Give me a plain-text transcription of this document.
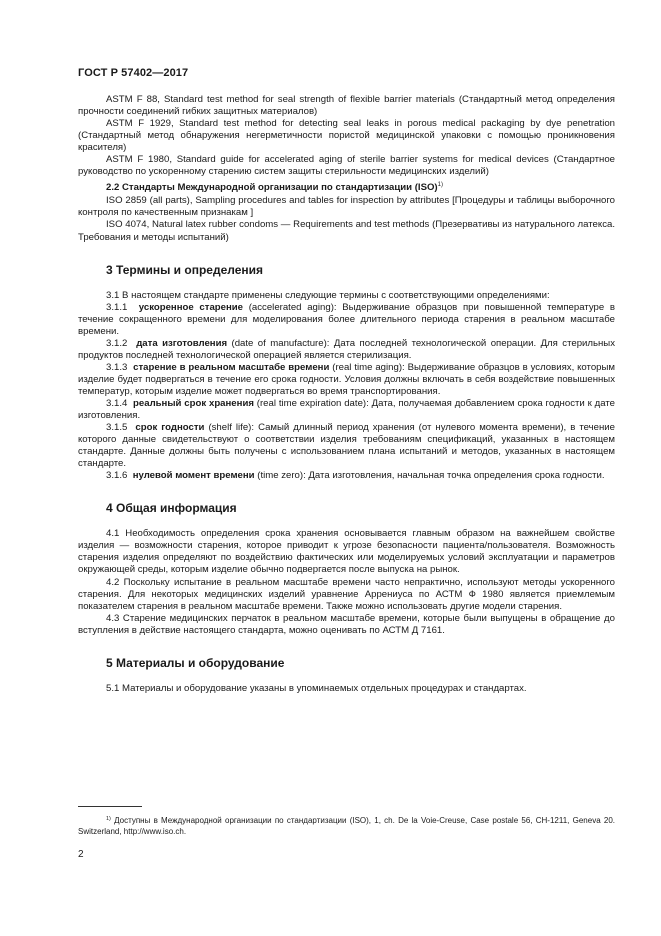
ГОСТ Р 57402—2017

ASTM F 88, Standard test method for seal strength of flexible barrier materials (Стандартный метод определения прочности соединений гибких защитных материалов)

ASTM F 1929, Standard test method for detecting seal leaks in porous medical packaging by dye penetration (Стандартный метод обнаружения негерметичности пористой медицинской упаковки с помощью проникновения красителя)

ASTM F 1980, Standard guide for accelerated aging of sterile barrier systems for medical devices (Стандартное руководство по ускоренному старению систем защиты стерильности медицинских изделий)

2.2 Стандарты Международной организации по стандартизации (ISO)$^{1)}$

ISO 2859 (all parts), Sampling procedures and tables for inspection by attributes [Процедуры и таблицы выборочного контроля по качественным признакам ]

ISO 4074, Natural latex rubber condoms — Requirements and test methods (Презервативы из натурального латекса. Требования и методы испытаний)

3 Термины и определения

3.1 В настоящем стандарте применены следующие термины с соответствующими определениями:

3.1.1 ускоренное старение (accelerated aging): Выдерживание образцов при повышенной температуре в течение сокращенного времени для моделирования более длительного периода старения в реальном масштабе времени.

3.1.2 дата изготовления (date of manufacture): Дата последней технологической операции. Для стерильных продуктов последней технологической операцией является стерилизация.

3.1.3 старение в реальном масштабе времени (real time aging): Выдерживание образцов в условиях, которым изделие будет подвергаться в течение его срока годности. Условия должны включать в себя воздействие повышенных температур, которым изделие может подвергаться во время транспортирования.

3.1.4 реальный срок хранения (real time expiration date): Дата, получаемая добавлением срока годности к дате изготовления.

3.1.5 срок годности (shelf life): Самый длинный период хранения (от нулевого момента времени), в течение которого данные свидетельствуют о соответствии изделия требованиям спецификаций, указанных в настоящем стандарте. Данные должны быть получены с использованием плана испытаний и методов, указанных в настоящем стандарте.

3.1.6 нулевой момент времени (time zero): Дата изготовления, начальная точка определения срока годности.

4 Общая информация

4.1 Необходимость определения срока хранения основывается главным образом на важнейшем свойстве изделия — возможности старения, которое приводит к угрозе безопасности пациента/пользователя. Возможность старения изделия определяют по воздействию фактических или моделируемых условий эксплуатации и параметров окружающей среды, которым изделие обычно подвергается после выпуска на рынок.

4.2 Поскольку испытание в реальном масштабе времени часто непрактично, используют методы ускоренного старения. Для некоторых медицинских изделий уравнение Аррениуса по АСТМ Ф 1980 является приемлемым показателем старения в реальном масштабе времени. Также можно использовать другие модели старения.

4.3 Старение медицинских перчаток в реальном масштабе времени, которые были выпущены в обращение до вступления в действие настоящего стандарта, можно оценивать по АСТМ Д 7161.

5 Материалы и оборудование

5.1 Материалы и оборудование указаны в упоминаемых отдельных процедурах и стандартах.

$^{1)}$ Доступны в Международной организации по стандартизации (ISO), 1, ch. De la Voie-Creuse, Case postale 56, CH-1211, Geneva 20. Switzerland, http://www.iso.ch.
2
